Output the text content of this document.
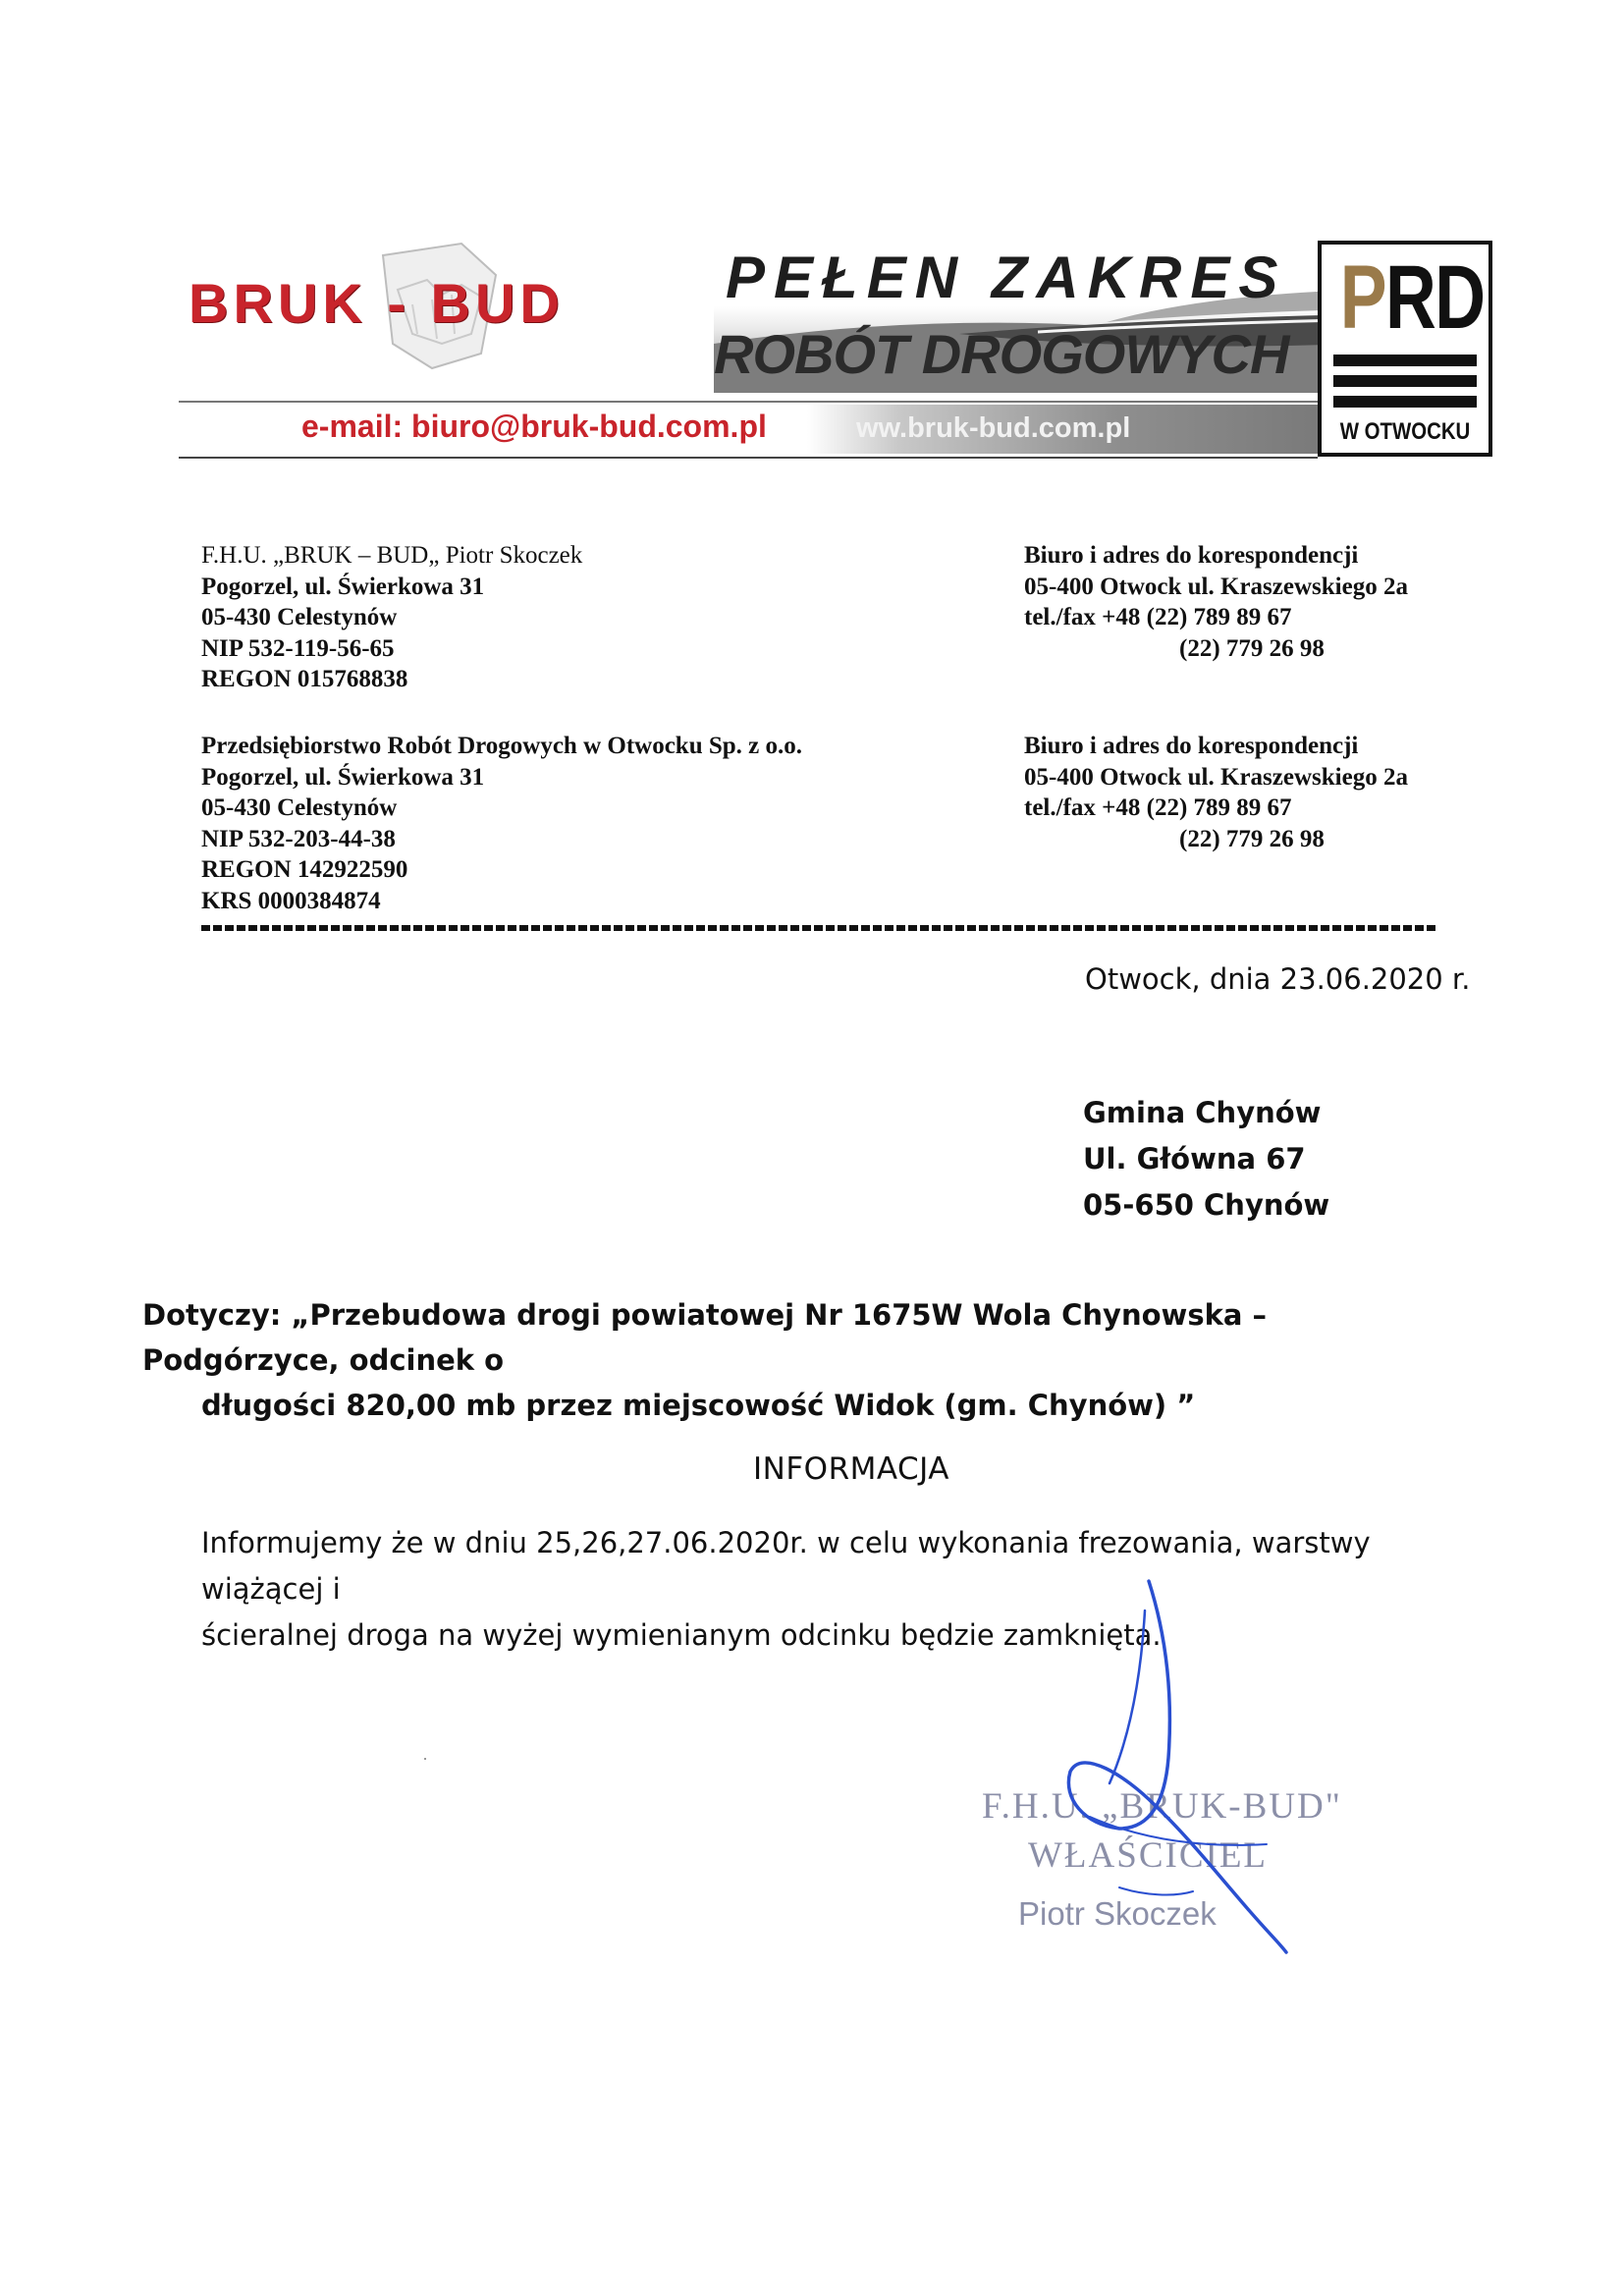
BRUK - BUD	PEŁEN ZAKRES
ROBÓT DROGOWYCH
e-mail: biuro@bruk-bud.com.pl	ww.bruk-bud.com.pl
PRD
W OTWOCKU
F.H.U. „BRUK – BUD„ Piotr Skoczek
Pogorzel, ul. Świerkowa 31
05-430 Celestynów
NIP 532-119-56-65
REGON 015768838
Biuro i adres do korespondencji
05-400 Otwock ul. Kraszewskiego 2a
tel./fax +48 (22) 789 89 67
(22) 779 26 98
Przedsiębiorstwo Robót Drogowych w Otwocku Sp. z o.o.
Pogorzel, ul. Świerkowa 31
05-430 Celestynów
NIP 532-203-44-38
REGON 142922590
KRS 0000384874
Biuro i adres do korespondencji
05-400 Otwock ul. Kraszewskiego 2a
tel./fax +48 (22) 789 89 67
(22) 779 26 98
Otwock, dnia 23.06.2020 r.
Gmina Chynów
Ul. Główna 67
05-650 Chynów
Dotyczy: „Przebudowa drogi powiatowej Nr 1675W Wola Chynowska – Podgórzyce, odcinek o
długości 820,00 mb przez miejscowość Widok (gm. Chynów) ”
INFORMACJA
Informujemy że w dniu 25,26,27.06.2020r. w celu wykonania frezowania, warstwy wiążącej i
ścieralnej droga na wyżej wymienianym odcinku będzie zamknięta.
F.H.U. „BRUK-BUD"
WŁAŚCICIEL
Piotr Skoczek
